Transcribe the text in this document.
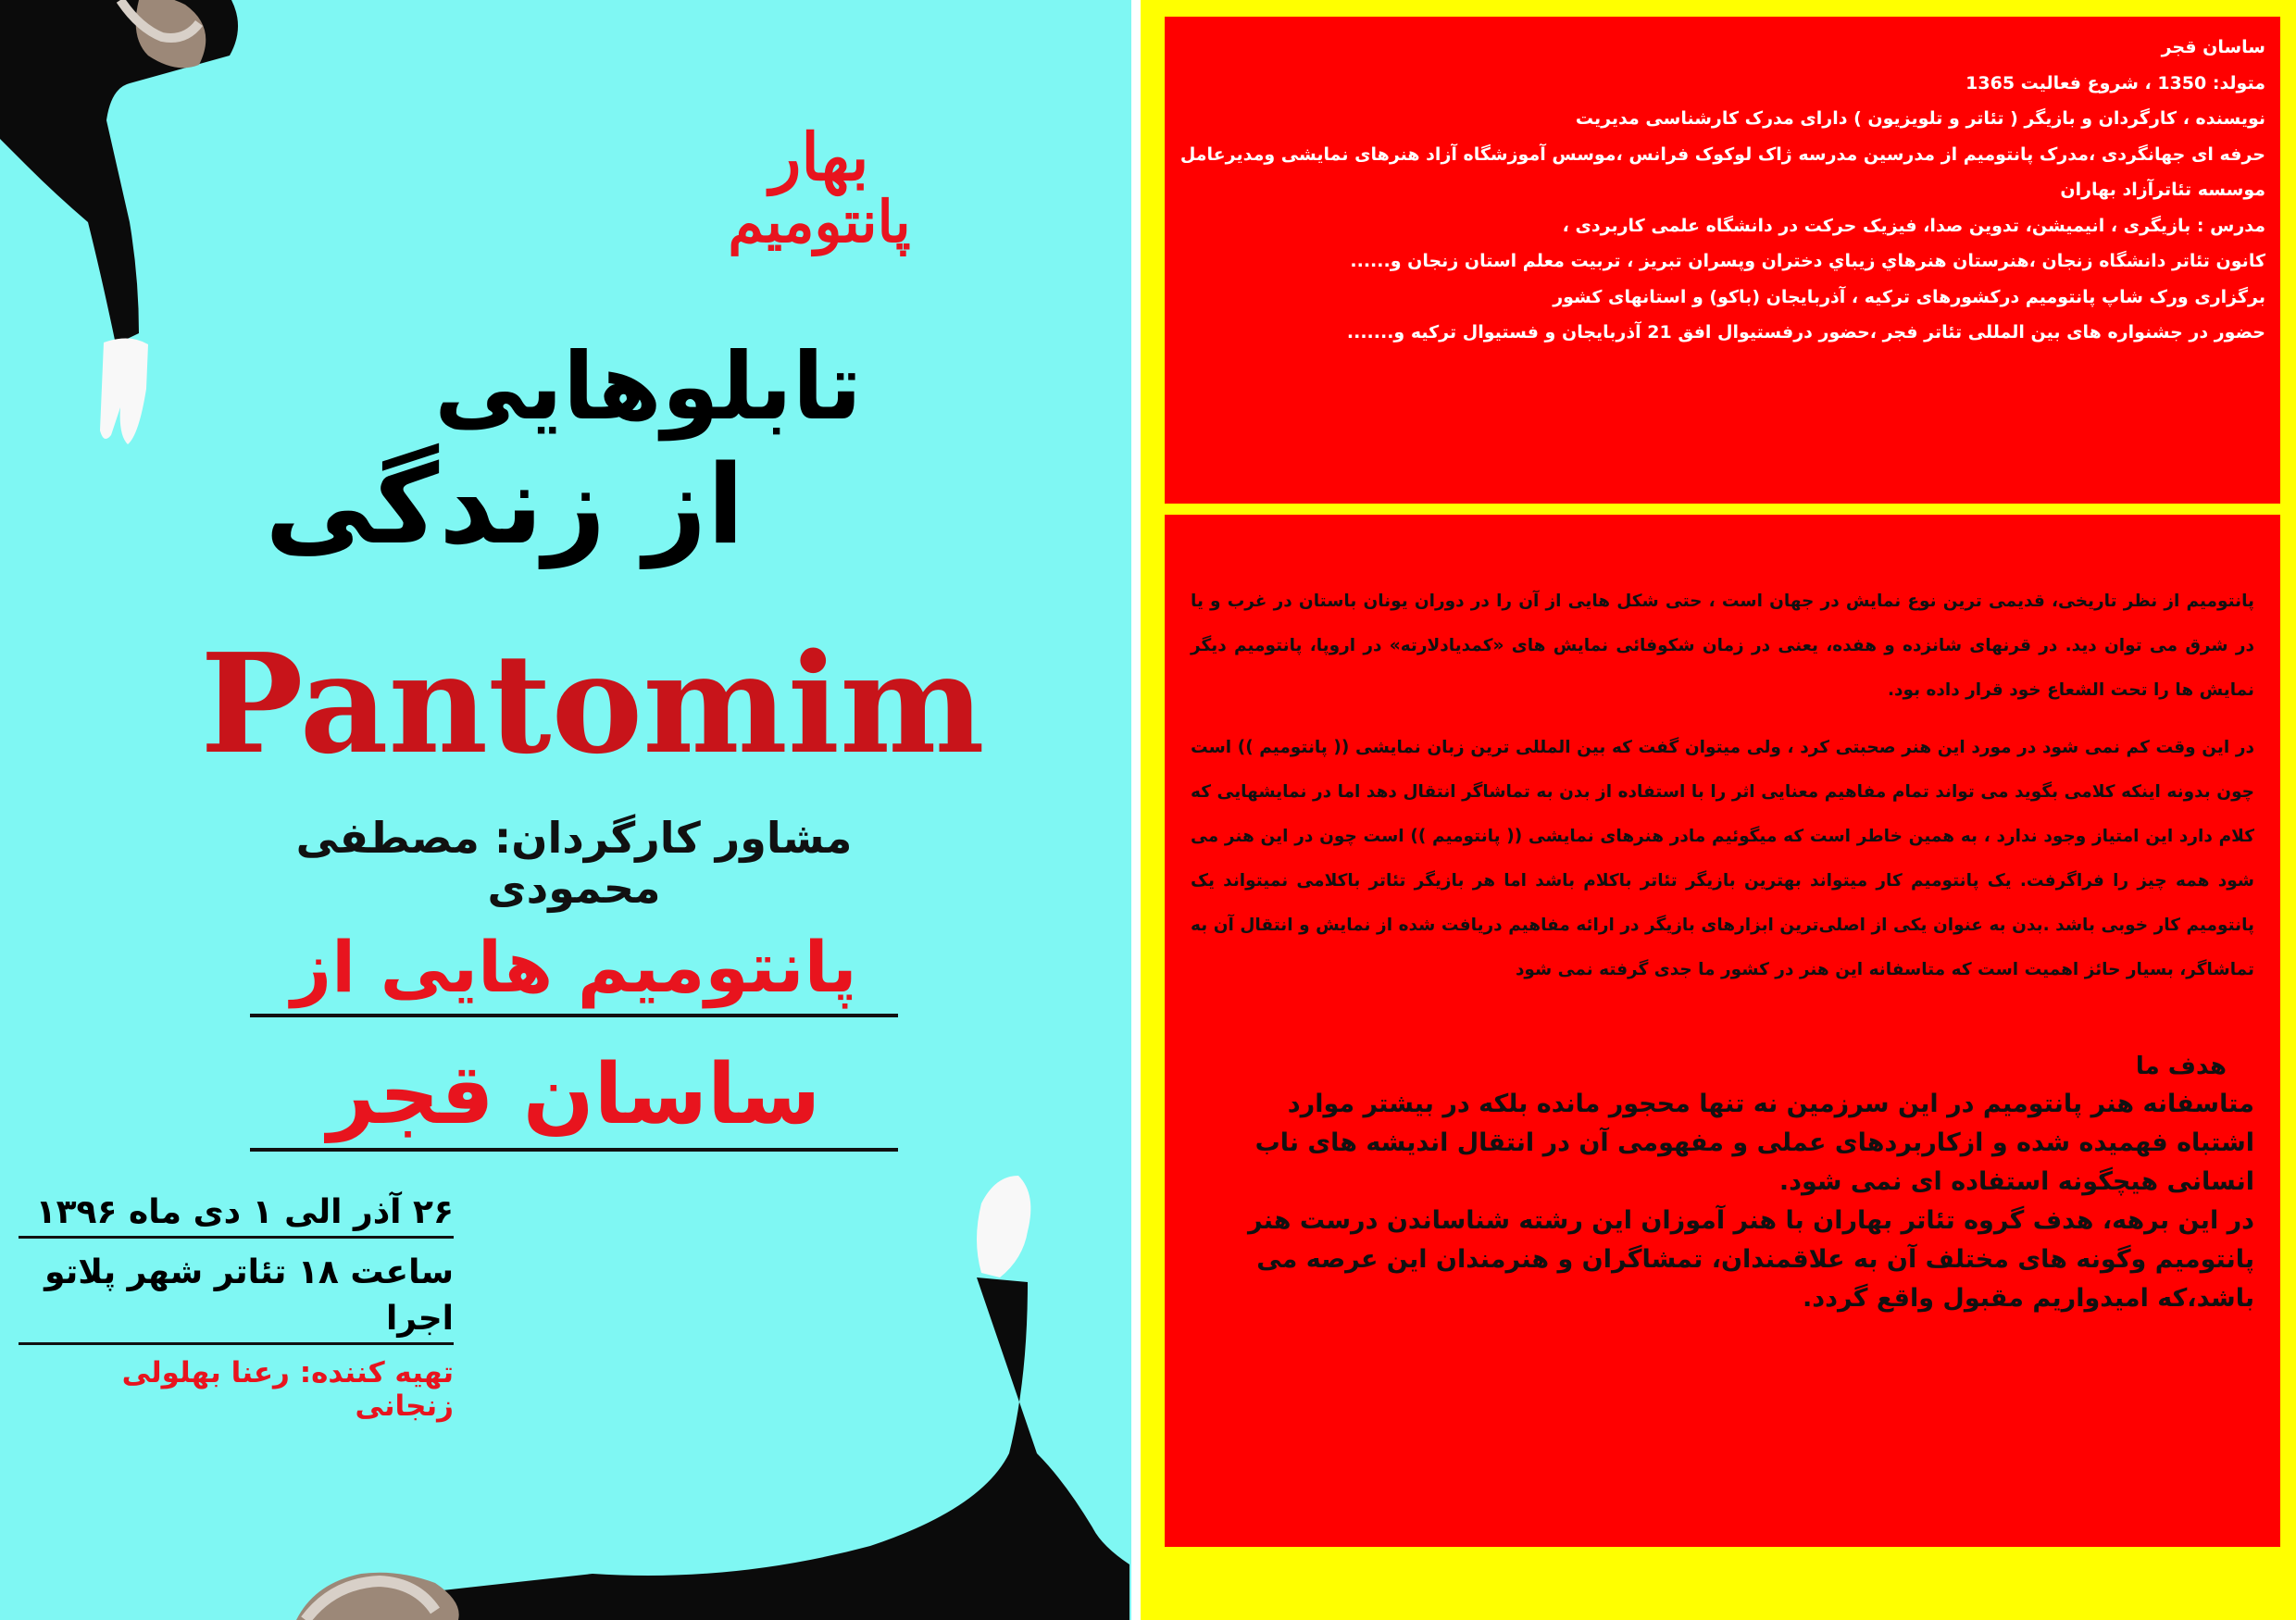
بهار
پانتومیم
تابلوهایی
از زندگی
Pantomim
مشاور کارگردان: مصطفی محمودی
پانتومیم هایی از
ساسان قجر
۲۶ آذر الی ۱ دی ماه ۱۳۹۶
ساعت ۱۸ تئاتر شهر پلاتو اجرا
تهیه کننده: رعنا بهلولی زنجانی
ساسان قجر
متولد: 1350 ، شروع فعالیت 1365
نویسنده ، کارگردان و بازیگر ( تئاتر و تلویزیون ) دارای مدرک کارشناسی مدیریت
حرفه ای جهانگردی ،مدرک پانتومیم از مدرسین مدرسه ژاک لوکوک فرانس ،موسس آموزشگاه آزاد هنرهای نمایشی ومدیرعامل
موسسه تئاترآزاد بهاران
مدرس : بازیگری ، انیمیشن، تدوین صدا، فیزیک حرکت در دانشگاه علمی کاربردی ،
کانون تئاتر دانشگاه زنجان ،هنرستان هنرهاي زيباي دختران وپسران تبريز ، تربيت معلم استان زنجان و......
برگزاری ورک شاپ پانتومیم درکشورهای ترکیه ، آذربایجان (باکو) و استانهای کشور
حضور در جشنواره های بین المللی تئاتر فجر ،حضور درفستیوال افق 21 آذربایجان و فستیوال ترکیه و.......

پانتومیم از نظر تاریخی، قدیمی ترین نوع نمایش در جهان است ، حتی شکل هایی از آن را در دوران یونان باستان در غرب و یا در شرق می توان دید. در قرنهای شانزده و هفده، یعنی در زمان شکوفائی نمایش های «کمدیادلارته» در اروپا، پانتومیم دیگر نمایش ها را تحت الشعاع خود قرار داده بود.

در این وقت کم نمی شود در مورد این هنر صحبتی کرد ، ولی میتوان گفت که بین المللی ترین زبان نمایشی (( پانتومیم )) است چون بدونه اینکه کلامی بگوید می تواند تمام مفاهیم معنایی اثر را با استفاده از بدن به تماشاگر انتقال دهد اما در نمایشهایی که کلام دارد این امتیاز وجود ندارد ، به همین خاطر است که میگوئیم مادر هنرهای نمایشی (( پانتومیم )) است چون در این هنر می شود همه چیز را فراگرفت. یک پانتومیم کار میتواند بهترین بازیگر تئاتر باکلام باشد اما هر بازیگر تئاتر باکلامی نمیتواند یک پانتومیم کار خوبی باشد .بدن به عنوان یکی از اصلی‌ترین ابزارهای بازیگر در ارائه مفاهیم دریافت شده از نمایش و انتقال آن به تماشاگر، بسیار حائز اهمیت است که متاسفانه این هنر در کشور ما جدی گرفته نمی شود

هدف ما

متاسفانه هنر پانتومیم در این سرزمین نه تنها محجور مانده بلکه در بیشتر موارد اشتباه فهمیده شده و ازکاربردهای عملی و مفهومی آن در انتقال اندیشه های ناب انسانی هیچگونه استفاده ای نمی شود.

در این برهه، هدف گروه تئاتر بهاران با هنر آموزان این رشته شناساندن درست هنر پانتومیم وگونه های مختلف آن به علاقمندان، تمشاگران و هنرمندان این عرصه می باشد،که امیدواریم مقبول واقع گردد.
